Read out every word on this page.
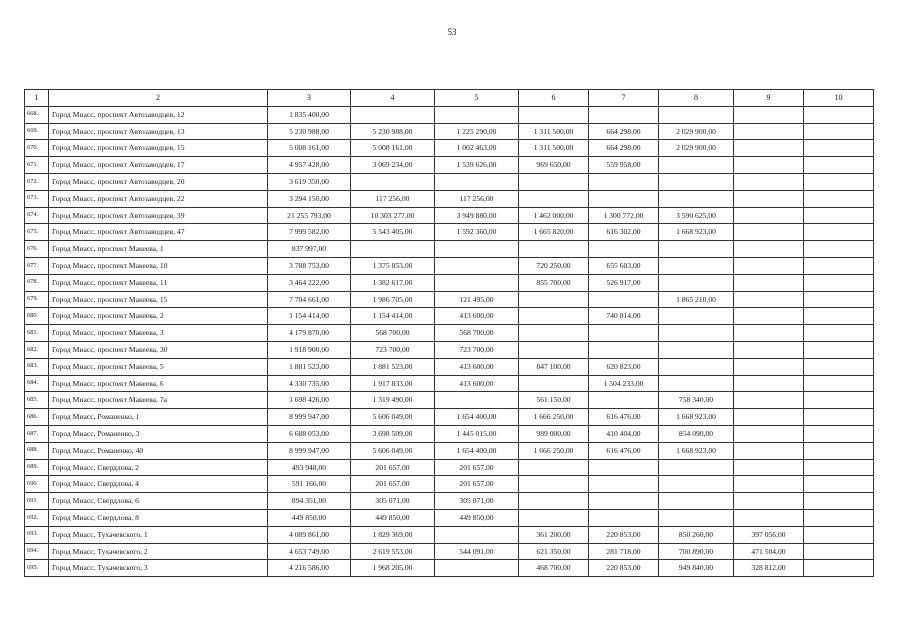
53
1	2	3	4	5	6	7	8	9	10
668.	Город Миасс, проспект Автозаводцев, 12	1 835 400,00							
669.	Город Миасс, проспект Автозаводцев, 13	5 230 988,00	5 230 988,00	1 225 290,00	1 311 500,00	664 298,00	2 029 900,00		
670.	Город Миасс, проспект Автозаводцев, 15	5 008 161,00	5 008 161,00	1 002 463,00	1 311 500,00	664 298,00	2 029 900,00		
671.	Город Миасс, проспект Автозаводцев, 17	4 957 428,00	3 069 234,00	1 539 626,00	969 650,00	559 958,00			
672.	Город Миасс, проспект Автозаводцев, 20	3 619 350,00							
673.	Город Миасс, проспект Автозаводцев, 22	3 294 150,00	117 256,00	117 256,00					
674.	Город Миасс, проспект Автозаводцев, 39	21 255 793,00	10 303 277,00	3 949 880,00	1 462 000,00	1 300 772,00	3 590 625,00		
675.	Город Миасс, проспект Автозаводцев, 47	7 999 582,00	5 543 405,00	1 592 360,00	1 665 820,00	616 302,00	1 668 923,00		
676.	Город Миасс, проспект Макеева, 1	837 997,00							
677.	Город Миасс, проспект Макеева, 10	3 788 753,00	1 375 853,00		720 250,00	655 603,00			
678.	Город Миасс, проспект Макеева, 11	3 464 222,00	1 382 617,00		855 700,00	526 917,00			
679.	Город Миасс, проспект Макеева, 15	7 704 661,00	1 986 705,00	121 495,00			1 865 210,00		
680.	Город Миасс, проспект Макеева, 2	1 154 414,00	1 154 414,00	413 600,00		740 814,00			
681.	Город Миасс, проспект Макеева, 3	4 179 870,00	568 700,00	568 700,00					
682.	Город Миасс, проспект Макеева, 30	1 918 900,00	723 700,00	723 700,00					
683.	Город Миасс, проспект Макеева, 5	1 881 523,00	1 881 523,00	413 600,00	847 100,00	620 823,00			
684.	Город Миасс, проспект Макеева, 6	4 330 735,00	1 917 833,00	413 600,00		1 504 233,00			
685.	Город Миасс, проспект Макеева, 7а	1 698 426,00	1 319 490,00		561 150,00		758 340,00		
686.	Город Миасс, Романенко, 1	8 999 947,00	5 606 049,00	1 654 400,00	1 666 250,00	616 476,00	1 668 923,00		
687.	Город Миасс, Романенко, 3	6 688 053,00	3 698 509,00	1 445 015,00	989 000,00	410 404,00	854 090,00		
688.	Город Миасс, Романенко, 40	8 999 947,00	5 606 049,00	1 654 400,00	1 666 250,00	616 476,00	1 668 923,00		
689.	Город Миасс, Свердлова, 2	493 948,00	201 657,00	201 657,00					
690.	Город Миасс, Свердлова, 4	591 166,00	201 657,00	201 657,00					
691.	Город Миасс, Свердлова, 6	894 351,00	305 071,00	305 071,00					
692.	Город Миасс, Свердлова, 8	449 850,00	449 850,00	449 850,00					
693.	Город Миасс, Тухачевского, 1	4 089 861,00	1 829 369,00		361 200,00	220 853,00	850 260,00	397 056,00	
694.	Город Миасс, Тухачевского, 2	4 653 749,00	2 619 553,00	544 091,00	621 350,00	281 718,00	700 890,00	471 504,00	
695.	Город Миасс, Тухачевского, 3	4 216 586,00	1 968 205,00		468 700,00	220 853,00	949 840,00	328 812,00	
